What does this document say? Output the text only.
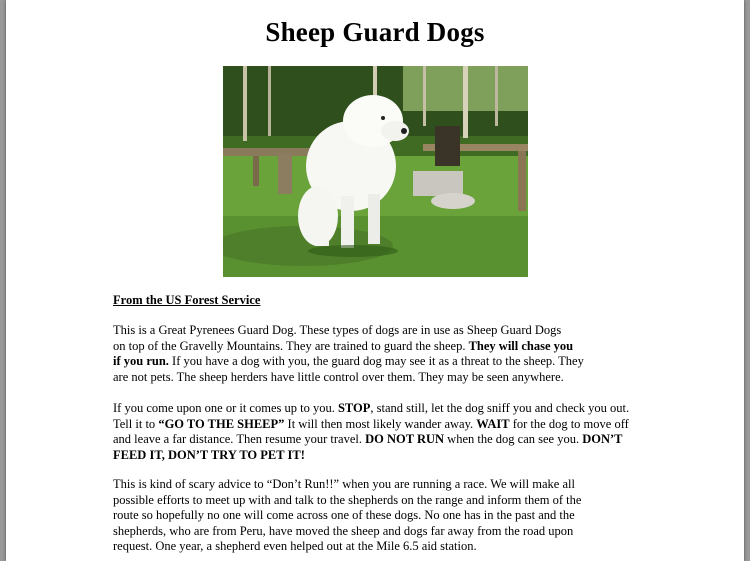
Sheep Guard Dogs
From the US Forest Service
This is a Great Pyrenees Guard Dog. These types of dogs are in use as Sheep Guard Dogs
on top of the Gravelly Mountains. They are trained to guard the sheep. They will chase you
if you run. If you have a dog with you, the guard dog may see it as a threat to the sheep. They
are not pets. The sheep herders have little control over them. They may be seen anywhere.
If you come upon one or it comes up to you. STOP, stand still, let the dog sniff you and check you out.
Tell it to “GO TO THE SHEEP” It will then most likely wander away. WAIT for the dog to move off
and leave a far distance. Then resume your travel. DO NOT RUN when the dog can see you. DON’T
FEED IT, DON’T TRY TO PET IT!
This is kind of scary advice to “Don’t Run!!” when you are running a race. We will make all
possible efforts to meet up with and talk to the shepherds on the range and inform them of the
route so hopefully no one will come across one of these dogs. No one has in the past and the
shepherds, who are from Peru, have moved the sheep and dogs far away from the road upon
request. One year, a shepherd even helped out at the Mile 6.5 aid station.
